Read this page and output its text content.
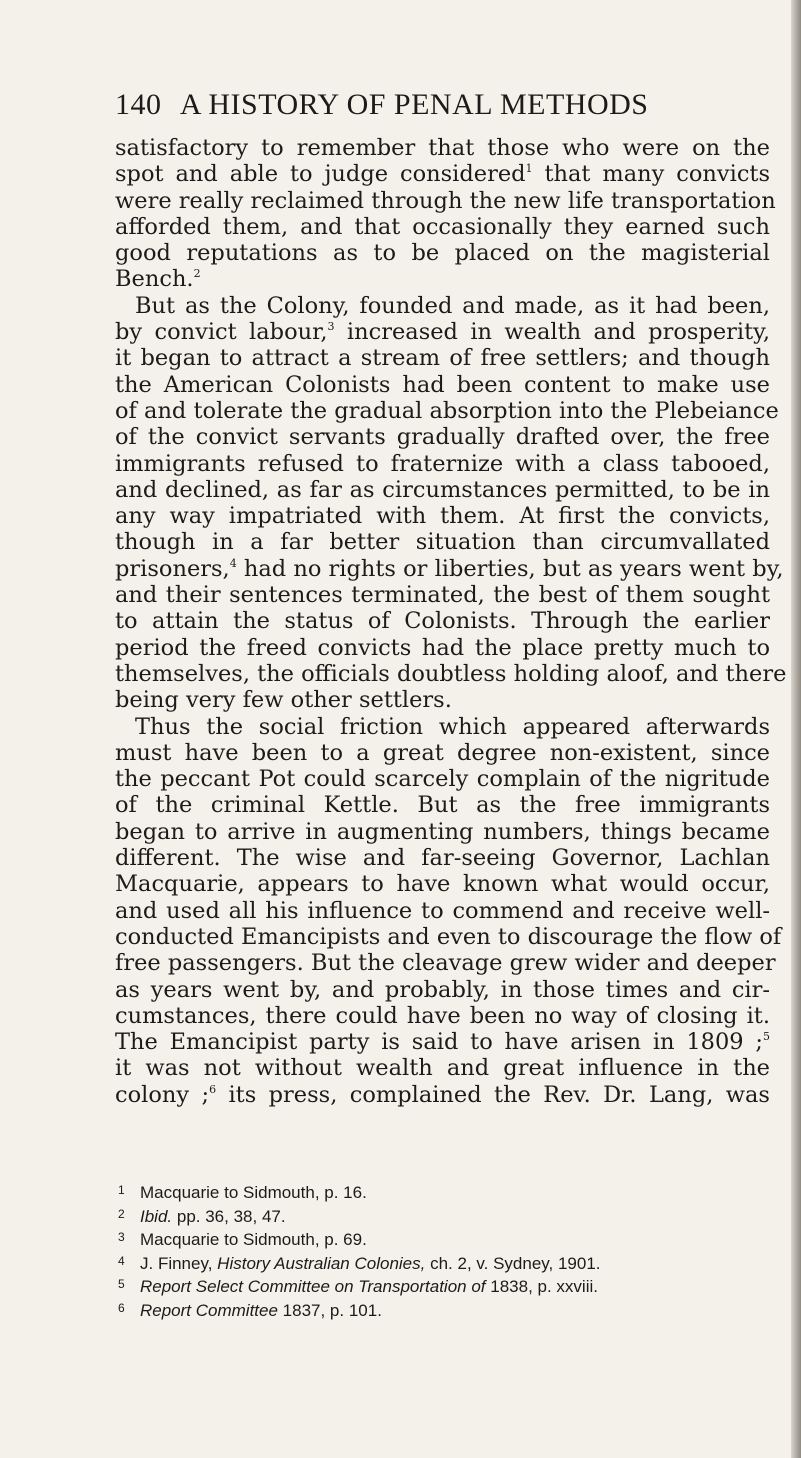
140 A HISTORY OF PENAL METHODS
satisfactory to remember that those who were on the
spot and able to judge considered$^1$ that many convicts
were really reclaimed through the new life transportation
afforded them, and that occasionally they earned such
good reputations as to be placed on the magisterial
Bench.$^2$
But as the Colony, founded and made, as it had been,
by convict labour,$^3$ increased in wealth and prosperity,
it began to attract a stream of free settlers; and though
the American Colonists had been content to make use
of and tolerate the gradual absorption into the Plebeiance
of the convict servants gradually drafted over, the free
immigrants refused to fraternize with a class tabooed,
and declined, as far as circumstances permitted, to be in
any way impatriated with them. At first the convicts,
though in a far better situation than circumvallated
prisoners,$^4$ had no rights or liberties, but as years went by,
and their sentences terminated, the best of them sought
to attain the status of Colonists. Through the earlier
period the freed convicts had the place pretty much to
themselves, the officials doubtless holding aloof, and there
being very few other settlers.
Thus the social friction which appeared afterwards
must have been to a great degree non-existent, since
the peccant Pot could scarcely complain of the nigritude
of the criminal Kettle. But as the free immigrants
began to arrive in augmenting numbers, things became
different. The wise and far-seeing Governor, Lachlan
Macquarie, appears to have known what would occur,
and used all his influence to commend and receive well-
conducted Emancipists and even to discourage the flow of
free passengers. But the cleavage grew wider and deeper
as years went by, and probably, in those times and cir-
cumstances, there could have been no way of closing it.
The Emancipist party is said to have arisen in 1809 ;$^5$
it was not without wealth and great influence in the
colony ;$^6$ its press, complained the Rev. Dr. Lang, was
1 Macquarie to Sidmouth, p. 16.
2 Ibid. pp. 36, 38, 47.
3 Macquarie to Sidmouth, p. 69.
4 J. Finney, History Australian Colonies, ch. 2, v. Sydney, 1901.
5 Report Select Committee on Transportation of 1838, p. xxviii.
6 Report Committee 1837, p. 101.
